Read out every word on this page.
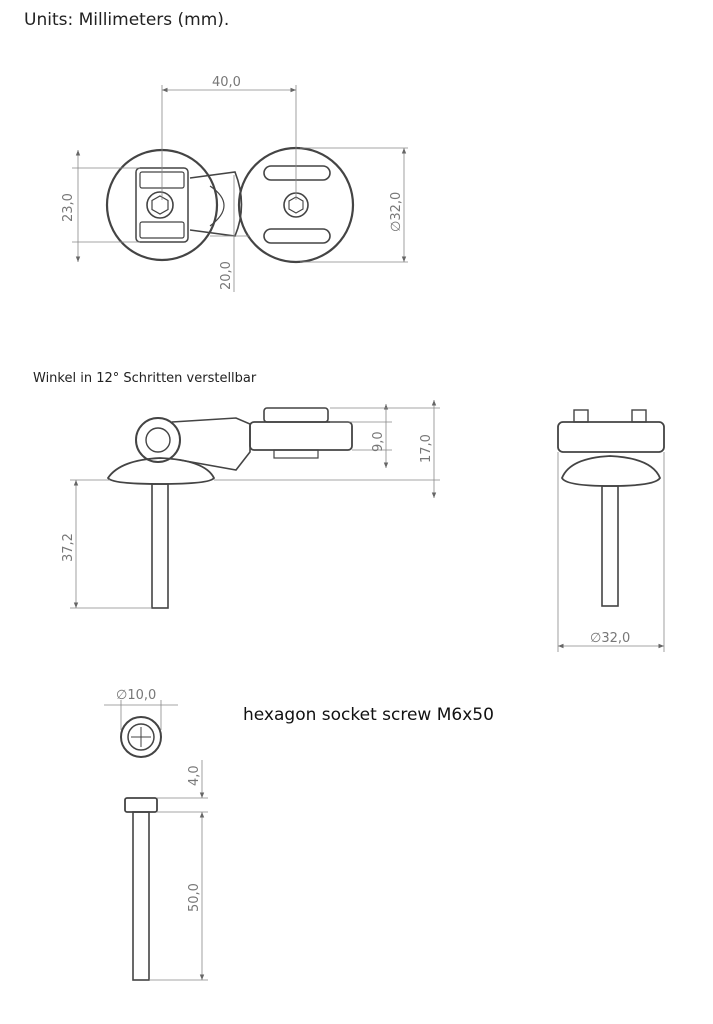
Units: Millimeters (mm).
Winkel in 12° Schritten verstellbar
hexagon socket screw M6x50
40,0
23,0
20,0
∅32,0
9,0	17,0
37,2
∅32,0
∅10,0
4,0
50,0
